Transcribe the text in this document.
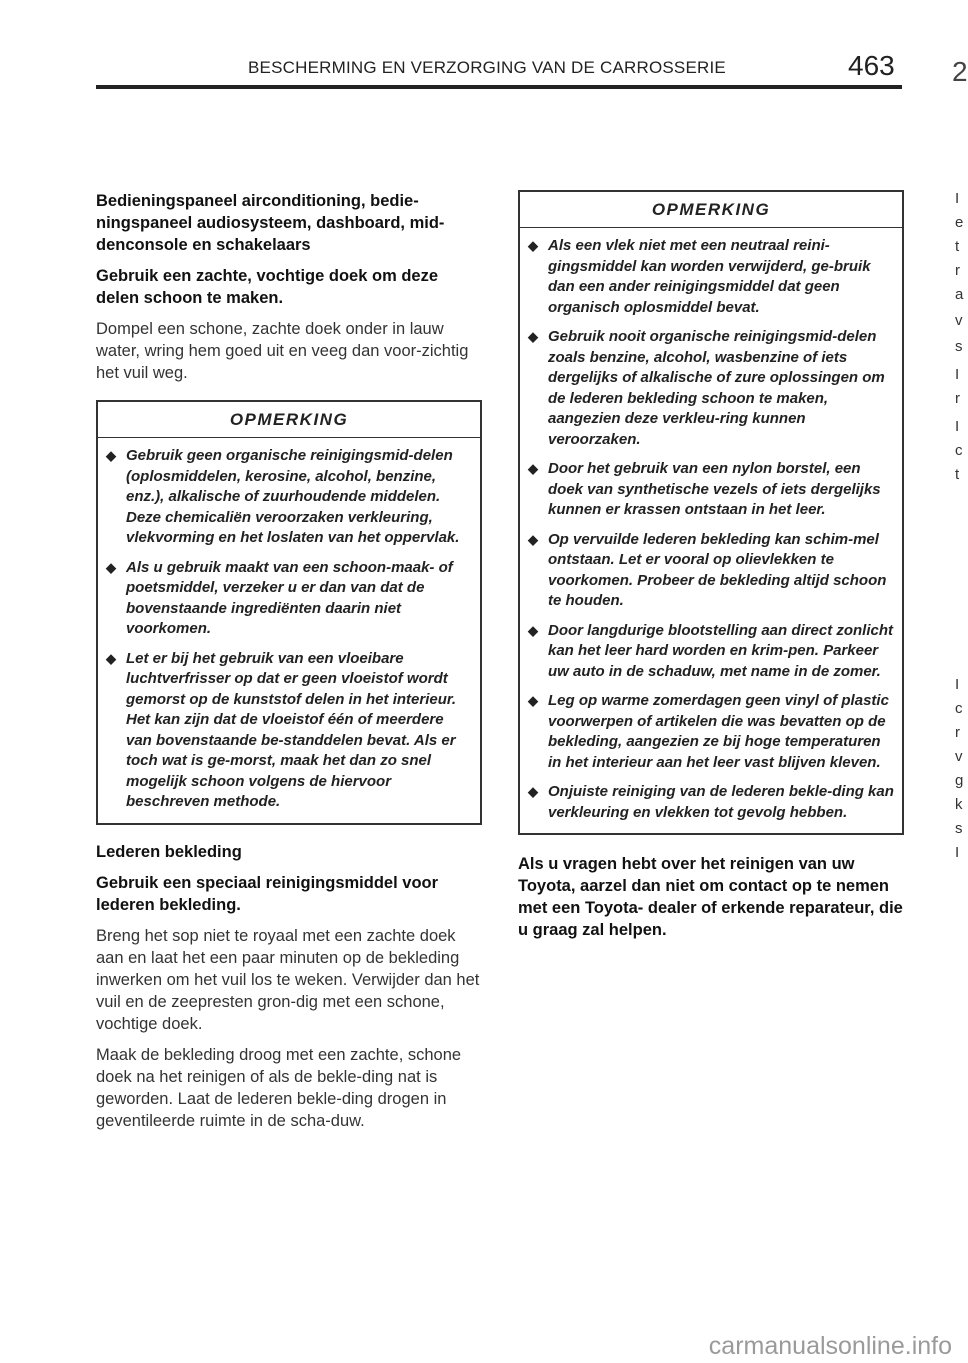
BESCHERMING EN VERZORGING VAN DE CARROSSERIE	463 2

Bedieningspaneel airconditioning, bedie-ningspaneel audiosysteem, dashboard, mid-denconsole en schakelaars

Gebruik een zachte, vochtige doek om deze delen schoon te maken.

Dompel een schone, zachte doek onder in lauw water, wring hem goed uit en veeg dan voor-zichtig het vuil weg.

OPMERKING

◆ Gebruik geen organische reinigingsmid-delen (oplosmiddelen, kerosine, alcohol, benzine, enz.), alkalische of zuurhoudende middelen. Deze chemicaliën veroorzaken verkleuring, vlekvorming en het loslaten van het oppervlak.

◆ Als u gebruik maakt van een schoon-maak- of poetsmiddel, verzeker u er dan van dat de bovenstaande ingrediënten daarin niet voorkomen.

◆ Let er bij het gebruik van een vloeibare luchtverfrisser op dat er geen vloeistof wordt gemorst op de kunststof delen in het interieur. Het kan zijn dat de vloeistof één of meerdere van bovenstaande be-standdelen bevat. Als er toch wat is ge-morst, maak het dan zo snel mogelijk schoon volgens de hiervoor beschreven methode.

Lederen bekleding

Gebruik een speciaal reinigingsmiddel voor lederen bekleding.

Breng het sop niet te royaal met een zachte doek aan en laat het een paar minuten op de bekleding inwerken om het vuil los te weken. Verwijder dan het vuil en de zeepresten gron-dig met een schone, vochtige doek.

Maak de bekleding droog met een zachte, schone doek na het reinigen of als de bekle-ding nat is geworden. Laat de lederen bekle-ding drogen in geventileerde ruimte in de scha-duw.

OPMERKING

◆ Als een vlek niet met een neutraal reini-gingsmiddel kan worden verwijderd, ge-bruik dan een ander reinigingsmiddel dat geen organisch oplosmiddel bevat.

◆ Gebruik nooit organische reinigingsmid-delen zoals benzine, alcohol, wasbenzine of iets dergelijks of alkalische of zure oplossingen om de lederen bekleding schoon te maken, aangezien deze verkleu-ring kunnen veroorzaken.

◆ Door het gebruik van een nylon borstel, een doek van synthetische vezels of iets dergelijks kunnen er krassen ontstaan in het leer.

◆ Op vervuilde lederen bekleding kan schim-mel ontstaan. Let er vooral op olievlekken te voorkomen. Probeer de bekleding altijd schoon te houden.

◆ Door langdurige blootstelling aan direct zonlicht kan het leer hard worden en krim-pen. Parkeer uw auto in de schaduw, met name in de zomer.

◆ Leg op warme zomerdagen geen vinyl of plastic voorwerpen of artikelen die was bevatten op de bekleding, aangezien ze bij hoge temperaturen in het interieur aan het leer vast blijven kleven.

◆ Onjuiste reiniging van de lederen bekle-ding kan verkleuring en vlekken tot gevolg hebben.

Als u vragen hebt over het reinigen van uw Toyota, aarzel dan niet om contact op te nemen met een Toyota- dealer of erkende reparateur, die u graag zal helpen.

I
e
t
r
a
v
s
I
r
I
c
t
I
c
r
v
g
k
s
I
carmanualsonline.info
